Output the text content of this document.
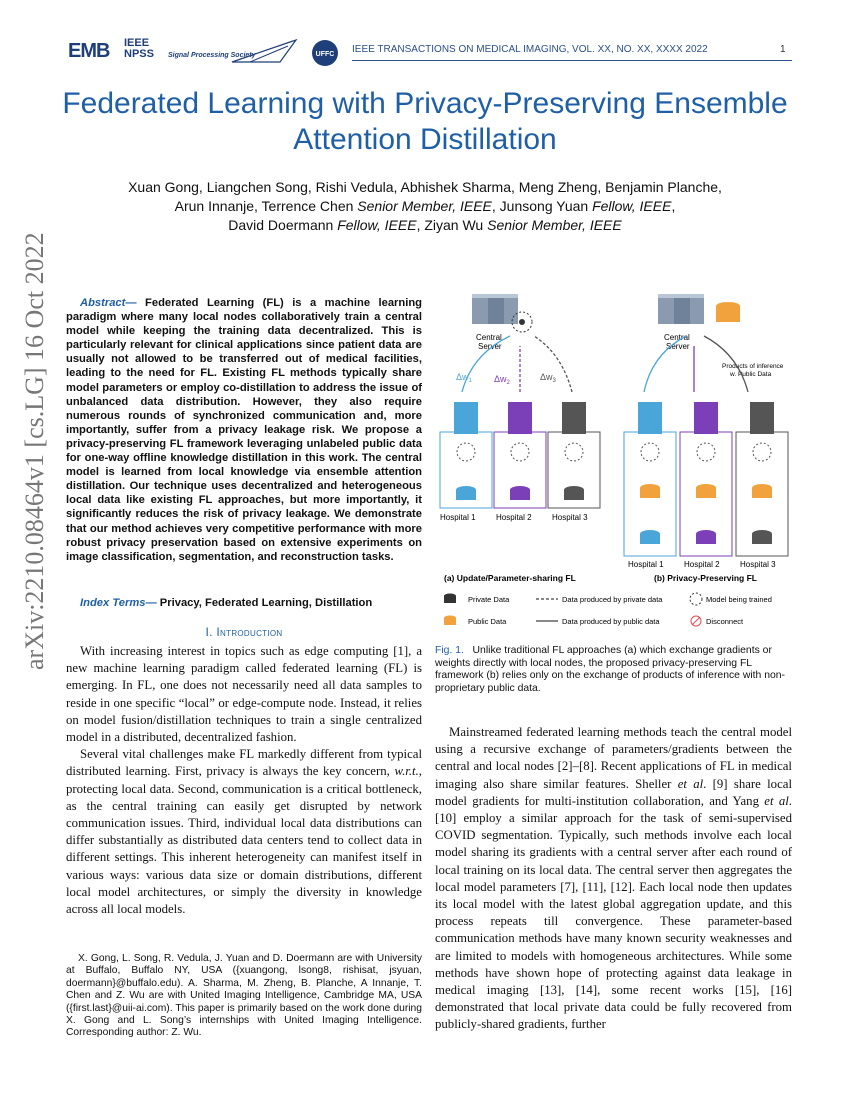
EMB IEEE NPSS	Signal Processing Society	UFFC IEEE TRANSACTIONS ON MEDICAL IMAGING, VOL. XX, NO. XX, XXXX 2022	1
Federated Learning with Privacy-Preserving Ensemble Attention Distillation
Xuan Gong, Liangchen Song, Rishi Vedula, Abhishek Sharma, Meng Zheng, Benjamin Planche,
Arun Innanje, Terrence Chen Senior Member, IEEE, Junsong Yuan Fellow, IEEE,
David Doermann Fellow, IEEE, Ziyan Wu Senior Member, IEEE
arXiv:2210.08464v1 [cs.LG] 16 Oct 2022	Abstract— Federated Learning (FL) is a machine learning paradigm where many local nodes collaboratively train a central model while keeping the training data decentralized. This is particularly relevant for clinical applications since patient data are usually not allowed to be transferred out of medical facilities, leading to the need for FL. Existing FL methods typically share model parameters or employ co-distillation to address the issue of unbalanced data distribution. However, they also require numerous rounds of synchronized communication and, more importantly, suffer from a privacy leakage risk. We propose a privacy-preserving FL framework leveraging unlabeled public data for one-way offline knowledge distillation in this work. The central model is learned from local knowledge via ensemble attention distillation. Our technique uses decentralized and heterogeneous local data like existing FL approaches, but more importantly, it significantly reduces the risk of privacy leakage. We demonstrate that our method achieves very competitive performance with more robust privacy preservation based on extensive experiments on image classification, segmentation, and reconstruction tasks.
Index Terms— Privacy, Federated Learning, Distillation
I. Introduction

With increasing interest in topics such as edge computing [1], a new machine learning paradigm called federated learning (FL) is emerging. In FL, one does not necessarily need all data samples to reside in one specific “local” or edge-compute node. Instead, it relies on model fusion/distillation techniques to train a single centralized model in a distributed, decentralized fashion.

Several vital challenges make FL markedly different from typical distributed learning. First, privacy is always the key concern, w.r.t., protecting local data. Second, communication is a critical bottleneck, as the central training can easily get disrupted by network communication issues. Third, individual local data distributions can differ substantially as distributed data centers tend to collect data in different settings. This inherent heterogeneity can manifest itself in various ways: various data size or domain distributions, different local model architectures, or simply the diversity in knowledge across all local models.

X. Gong, L. Song, R. Vedula, J. Yuan and D. Doermann are with University at Buffalo, Buffalo NY, USA ({xuangong, lsong8, rishisat, jsyuan, doermann}@buffalo.edu). A. Sharma, M. Zheng, B. Planche, A Innanje, T. Chen and Z. Wu are with United Imaging Intelligence, Cambridge MA, USA ({first.last}@uii-ai.com). This paper is primarily based on the work done during X. Gong and L. Song’s internships with United Imaging Intelligence. Corresponding author: Z. Wu.
Central
Server
$\Delta w_1$ $\Delta w_2$
$\Delta w_3$
Hospital 1	Hospital 2	Hospital 3
Central
Server
Products of inference
w. Public Data
Hospital 1	Hospital 2	Hospital 3
(a) Update/Parameter-sharing FL	(b) Privacy-Preserving FL
Private Data
Public Data
Data produced by private data
Data produced by public data
Model being trained
Disconnect
Fig. 1. Unlike traditional FL approaches (a) which exchange gradients or weights directly with local nodes, the proposed privacy-preserving FL framework (b) relies only on the exchange of products of inference with non-proprietary public data.

Mainstreamed federated learning methods teach the central model using a recursive exchange of parameters/gradients between the central and local nodes [2]–[8]. Recent applications of FL in medical imaging also share similar features. Sheller et al. [9] share local model gradients for multi-institution collaboration, and Yang et al. [10] employ a similar approach for the task of semi-supervised COVID segmentation. Typically, such methods involve each local model sharing its gradients with a central server after each round of local training on its local data. The central server then aggregates the local model parameters [7], [11], [12]. Each local node then updates its local model with the latest global aggregation update, and this process repeats till convergence. These parameter-based communication methods have many known security weaknesses and are limited to models with homogeneous architectures. While some methods have shown hope of protecting against data leakage in medical imaging [13], [14], some recent works [15], [16] demonstrated that local private data could be fully recovered from publicly-shared gradients, further
